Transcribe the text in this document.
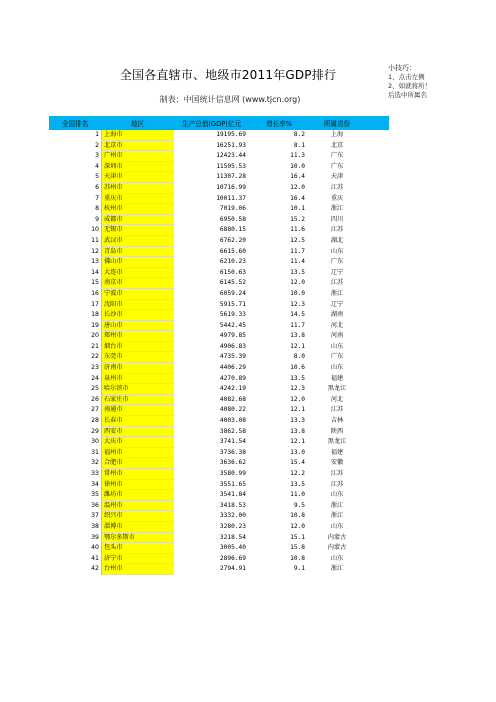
全国各直辖市、地级市2011年GDP排行
制表：中国统计信息网 (www.tjcn.org)
小技巧：
1、点击左侧
2、如就将所！
后选中所属名
全国排名	地区	生产总值(GDP)亿元	增长率%	所属省份
1 上海市	19195.69	8.2	上海
2 北京市	16251.93	8.1	北京
3 广州市	12423.44	11.3	广东
4 深圳市	11505.53	10.0	广东
5 天津市	11307.28	16.4	天津
6 苏州市	10716.99	12.0	江苏
7 重庆市	10011.37	16.4	重庆
8 杭州市	7019.06	10.1	浙江
9 成都市	6950.58	15.2	四川
10 无锡市	6880.15	11.6	江苏
11 武汉市	6762.20	12.5	湖北
12 青岛市	6615.60	11.7	山东
13 佛山市	6210.23	11.4	广东
14 大连市	6150.63	13.5	辽宁
15 南京市	6145.52	12.0	江苏
16 宁波市	6059.24	10.0	浙江
17 沈阳市	5915.71	12.3	辽宁
18 长沙市	5619.33	14.5	湖南
19 唐山市	5442.45	11.7	河北
20 郑州市	4979.85	13.8	河南
21 烟台市	4906.83	12.1	山东
22 东莞市	4735.39	8.0	广东
23 济南市	4406.29	10.6	山东
24 泉州市	4270.89	13.5	福建
25 哈尔滨市	4242.19	12.3	黑龙江
26 石家庄市	4082.68	12.0	河北
27 南通市	4080.22	12.1	江苏
28 长春市	4003.08	13.3	吉林
29 西安市	3862.58	13.8	陕西
30 大庆市	3741.54	12.1	黑龙江
31 福州市	3736.38	13.0	福建
32 合肥市	3636.62	15.4	安徽
33 常州市	3580.99	12.2	江苏
34 徐州市	3551.65	13.5	江苏
35 潍坊市	3541.84	11.0	山东
36 温州市	3418.53	9.5	浙江
37 绍兴市	3332.00	10.8	浙江
38 淄博市	3280.23	12.0	山东
39 鄂尔多斯市	3218.54	15.1	内蒙古
40 包头市	3005.40	15.8	内蒙古
41 济宁市	2896.69	10.8	山东
42 台州市	2794.91	9.1	浙江
